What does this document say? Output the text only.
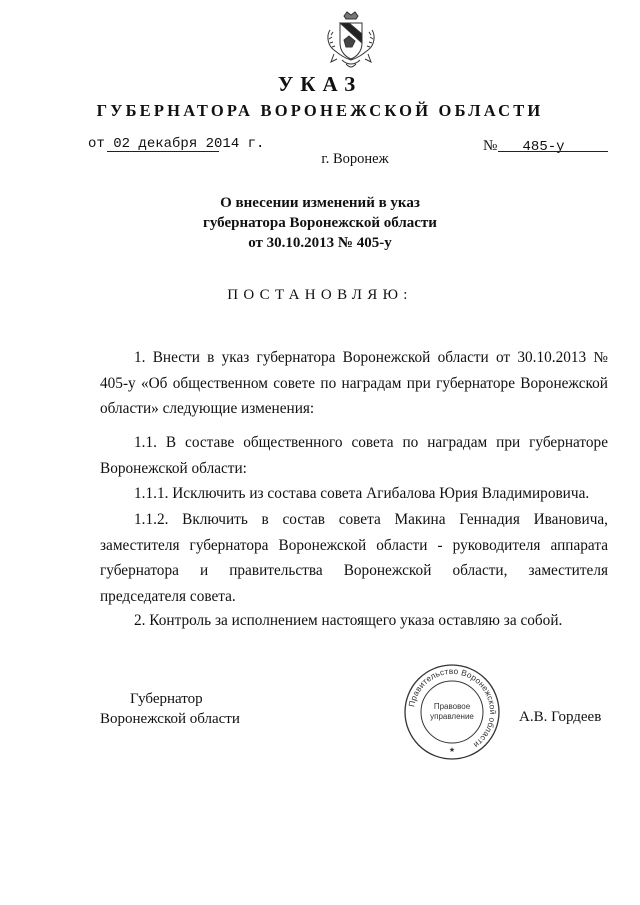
УКАЗ
ГУБЕРНАТОРА ВОРОНЕЖСКОЙ ОБЛАСТИ
от 02 декабря 2014 г.	№ 485-у
г. Воронеж
О внесении изменений в указ
губернатора Воронежской области
от 30.10.2013 № 405-у
ПОСТАНОВЛЯЮ:
1. Внести в указ губернатора Воронежской области от 30.10.2013 № 405-у «Об общественном совете по наградам при губернаторе Воронежской области» следующие изменения:
1.1. В составе общественного совета по наградам при губернаторе Воронежской области:
1.1.1. Исключить из состава совета Агибалова Юрия Владимировича.
1.1.2. Включить в состав совета Макина Геннадия Ивановича, заместителя губернатора Воронежской области - руководителя аппарата губернатора и правительства Воронежской области, заместителя председателя совета.
2. Контроль за исполнением настоящего указа оставляю за собой.
Губернатор
Воронежской области
Правительство Воронежской области
Правовое
управление
★
А.В. Гордеев
